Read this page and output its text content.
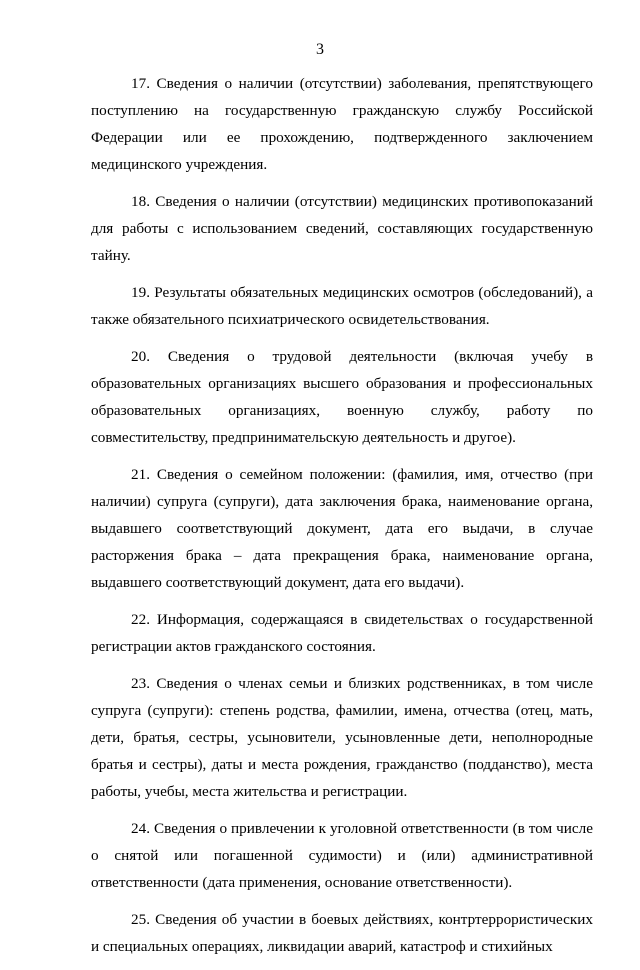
3

17. Сведения о наличии (отсутствии) заболевания, препятствующего поступлению на государственную гражданскую службу Российской Федерации или ее прохождению, подтвержденного заключением медицинского учреждения.

18. Сведения о наличии (отсутствии) медицинских противопоказаний для работы с использованием сведений, составляющих государственную тайну.

19. Результаты обязательных медицинских осмотров (обследований), а также обязательного психиатрического освидетельствования.

20. Сведения о трудовой деятельности (включая учебу в образовательных организациях высшего образования и профессиональных образовательных организациях, военную службу, работу по совместительству, предпринимательскую деятельность и другое).

21. Сведения о семейном положении: (фамилия, имя, отчество (при наличии) супруга (супруги), дата заключения брака, наименование органа, выдавшего соответствующий документ, дата его выдачи, в случае расторжения брака – дата прекращения брака, наименование органа, выдавшего соответствующий документ, дата его выдачи).

22. Информация, содержащаяся в свидетельствах о государственной регистрации актов гражданского состояния.

23. Сведения о членах семьи и близких родственниках, в том числе супруга (супруги): степень родства, фамилии, имена, отчества (отец, мать, дети, братья, сестры, усыновители, усыновленные дети, неполнородные братья и сестры), даты и места рождения, гражданство (подданство), места работы, учебы, места жительства и регистрации.

24. Сведения о привлечении к уголовной ответственности (в том числе о снятой или погашенной судимости) и (или) административной ответственности (дата применения, основание ответственности).

25. Сведения об участии в боевых действиях, контртеррористических и специальных операциях, ликвидации аварий, катастроф и стихийных
